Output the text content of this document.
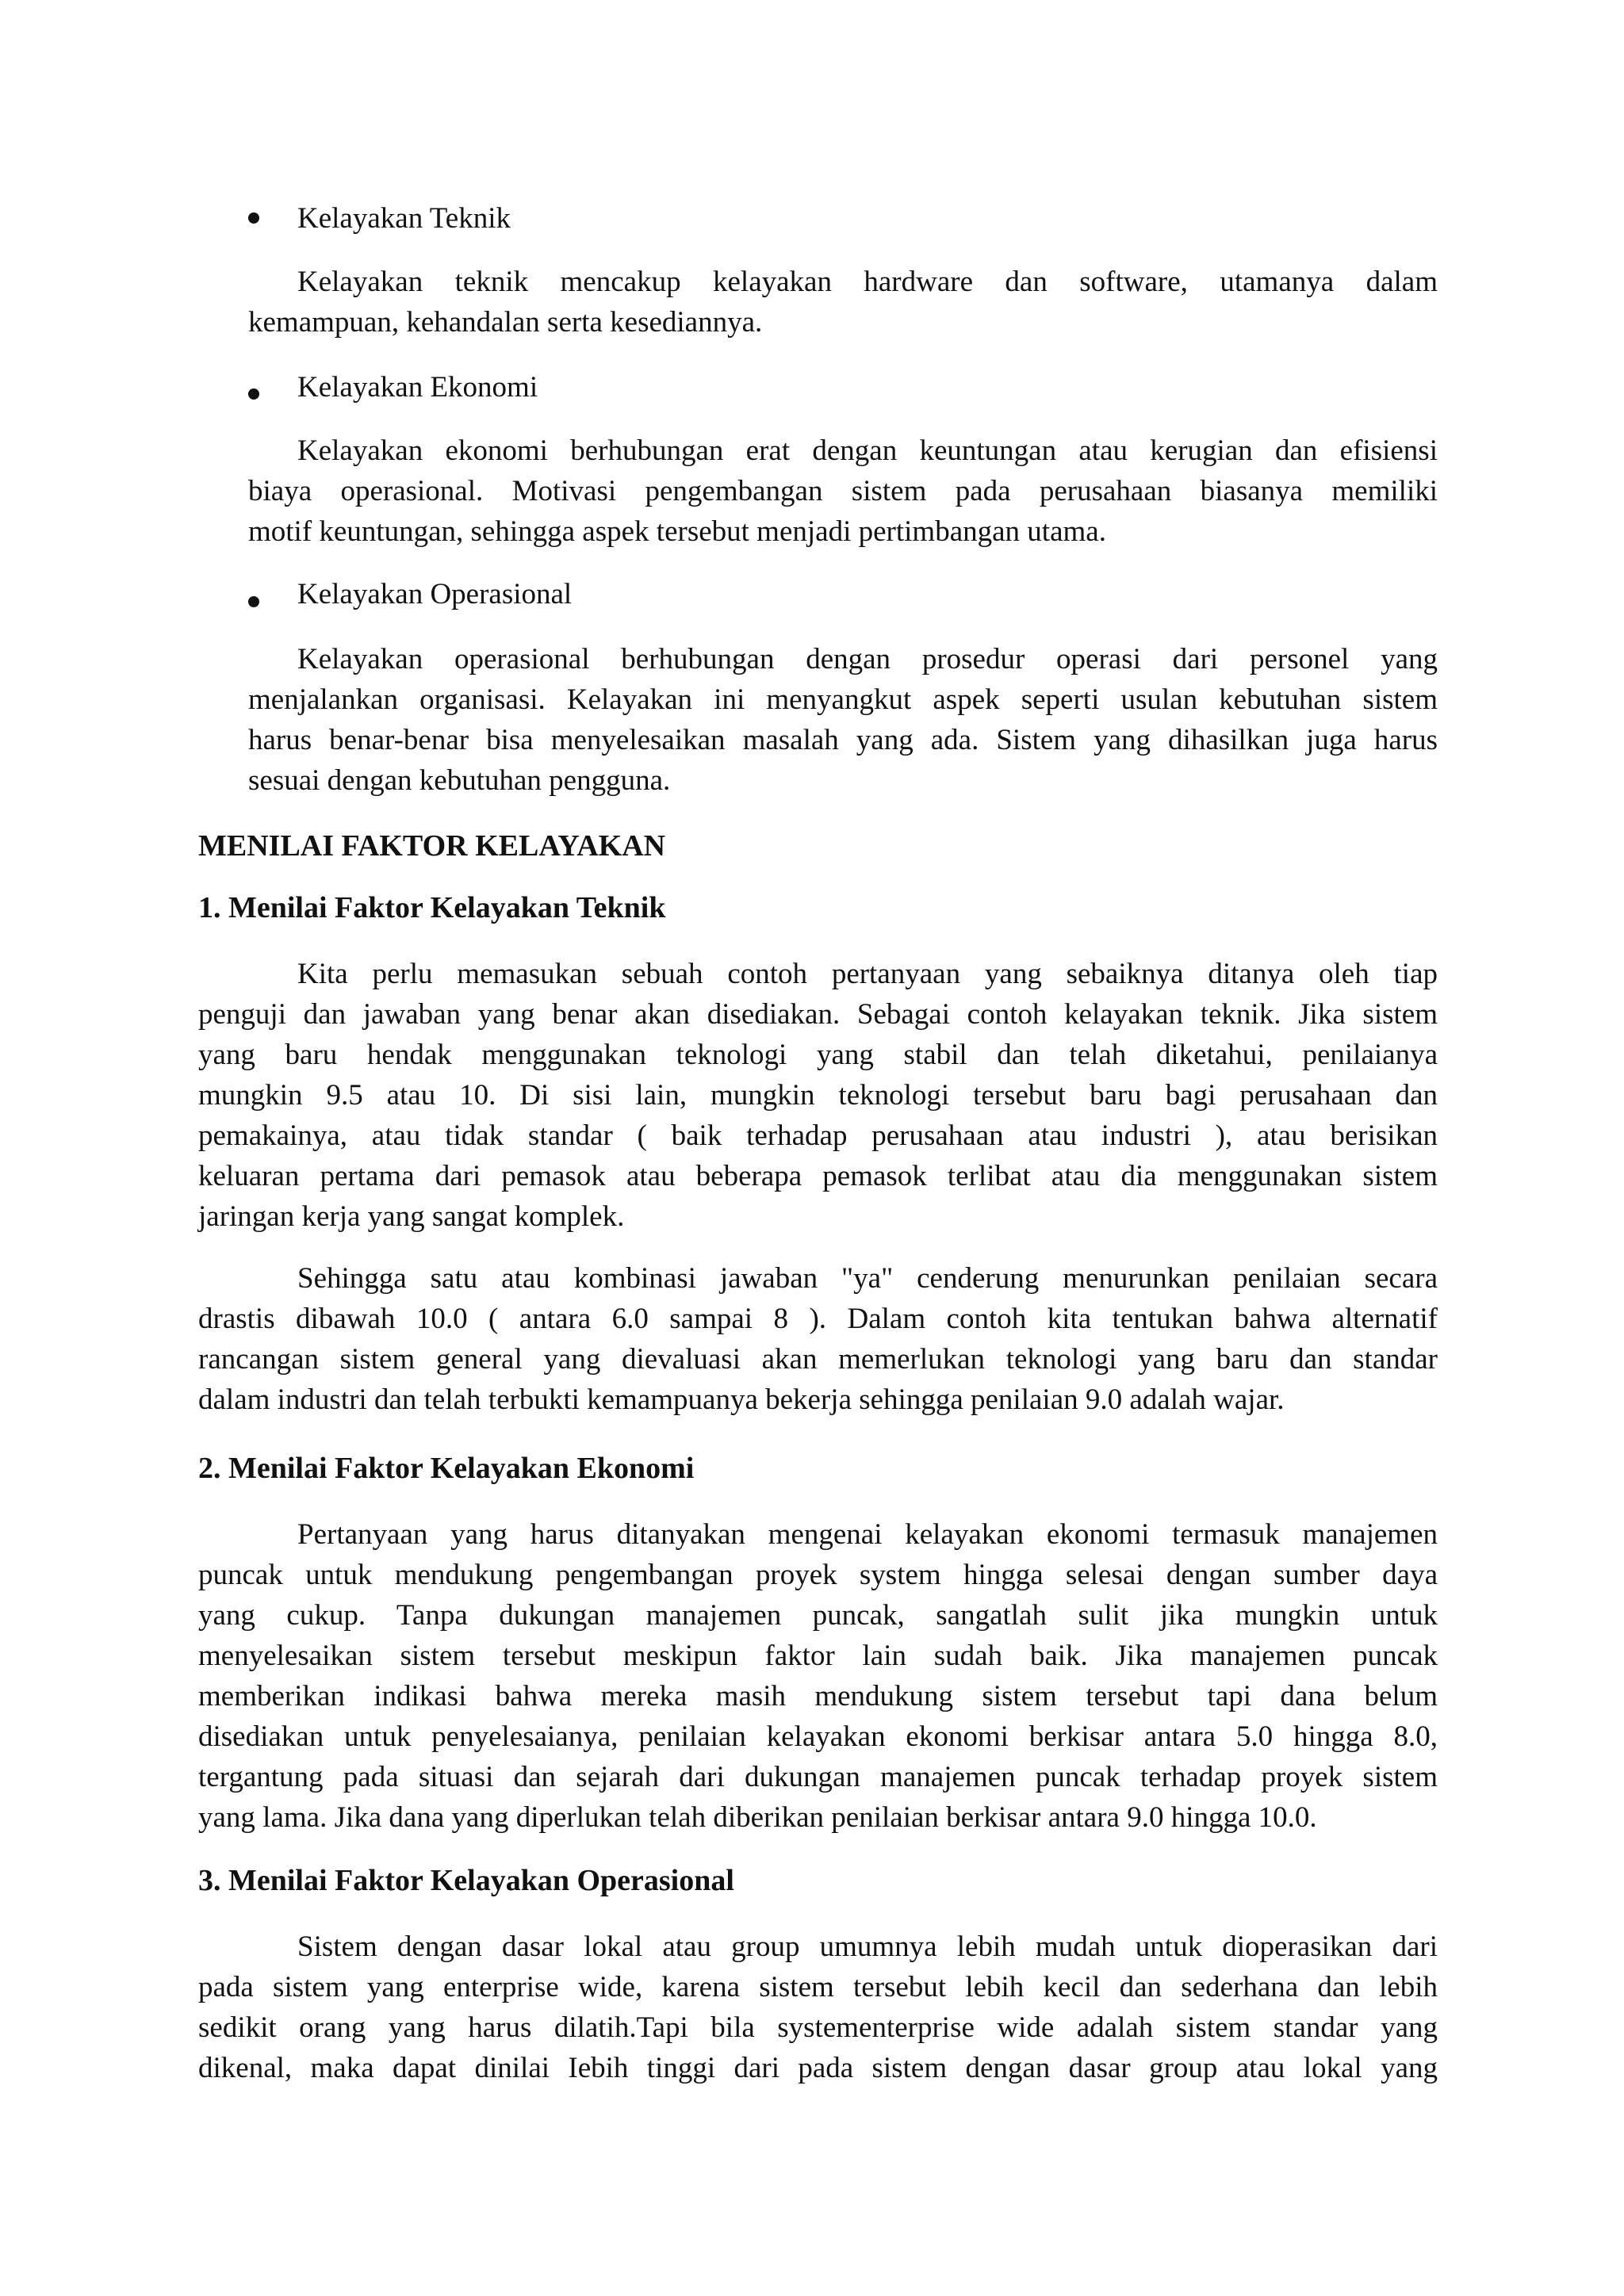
Kelayakan Teknik
Kelayakan teknik mencakup kelayakan hardware dan software, utamanya dalam
kemampuan, kehandalan serta kesediannya.
Kelayakan Ekonomi
Kelayakan ekonomi berhubungan erat dengan keuntungan atau kerugian dan efisiensi
biaya operasional. Motivasi pengembangan sistem pada perusahaan biasanya memiliki
motif keuntungan, sehingga aspek tersebut menjadi pertimbangan utama.
Kelayakan Operasional
Kelayakan operasional berhubungan dengan prosedur operasi dari personel yang
menjalankan organisasi. Kelayakan ini menyangkut aspek seperti usulan kebutuhan sistem
harus benar-benar bisa menyelesaikan masalah yang ada. Sistem yang dihasilkan juga harus
sesuai dengan kebutuhan pengguna.
MENILAI FAKTOR KELAYAKAN
1. Menilai Faktor Kelayakan Teknik
Kita perlu memasukan sebuah contoh pertanyaan yang sebaiknya ditanya oleh tiap
penguji dan jawaban yang benar akan disediakan. Sebagai contoh kelayakan teknik. Jika sistem
yang baru hendak menggunakan teknologi yang stabil dan telah diketahui, penilaianya
mungkin 9.5 atau 10. Di sisi lain, mungkin teknologi tersebut baru bagi perusahaan dan
pemakainya, atau tidak standar ( baik terhadap perusahaan atau industri ), atau berisikan
keluaran pertama dari pemasok atau beberapa pemasok terlibat atau dia menggunakan sistem
jaringan kerja yang sangat komplek.
Sehingga satu atau kombinasi jawaban "ya" cenderung menurunkan penilaian secara
drastis dibawah 10.0 ( antara 6.0 sampai 8 ). Dalam contoh kita tentukan bahwa alternatif
rancangan sistem general yang dievaluasi akan memerlukan teknologi yang baru dan standar
dalam industri dan telah terbukti kemampuanya bekerja sehingga penilaian 9.0 adalah wajar.
2. Menilai Faktor Kelayakan Ekonomi
Pertanyaan yang harus ditanyakan mengenai kelayakan ekonomi termasuk manajemen
puncak untuk mendukung pengembangan proyek system hingga selesai dengan sumber daya
yang cukup. Tanpa dukungan manajemen puncak, sangatlah sulit jika mungkin untuk
menyelesaikan sistem tersebut meskipun faktor lain sudah baik. Jika manajemen puncak
memberikan indikasi bahwa mereka masih mendukung sistem tersebut tapi dana belum
disediakan untuk penyelesaianya, penilaian kelayakan ekonomi berkisar antara 5.0 hingga 8.0,
tergantung pada situasi dan sejarah dari dukungan manajemen puncak terhadap proyek sistem
yang lama. Jika dana yang diperlukan telah diberikan penilaian berkisar antara 9.0 hingga 10.0.
3. Menilai Faktor Kelayakan Operasional
Sistem dengan dasar lokal atau group umumnya lebih mudah untuk dioperasikan dari
pada sistem yang enterprise wide, karena sistem tersebut lebih kecil dan sederhana dan lebih
sedikit orang yang harus dilatih.Tapi bila systementerprise wide adalah sistem standar yang
dikenal, maka dapat dinilai Iebih tinggi dari pada sistem dengan dasar group atau lokal yang
